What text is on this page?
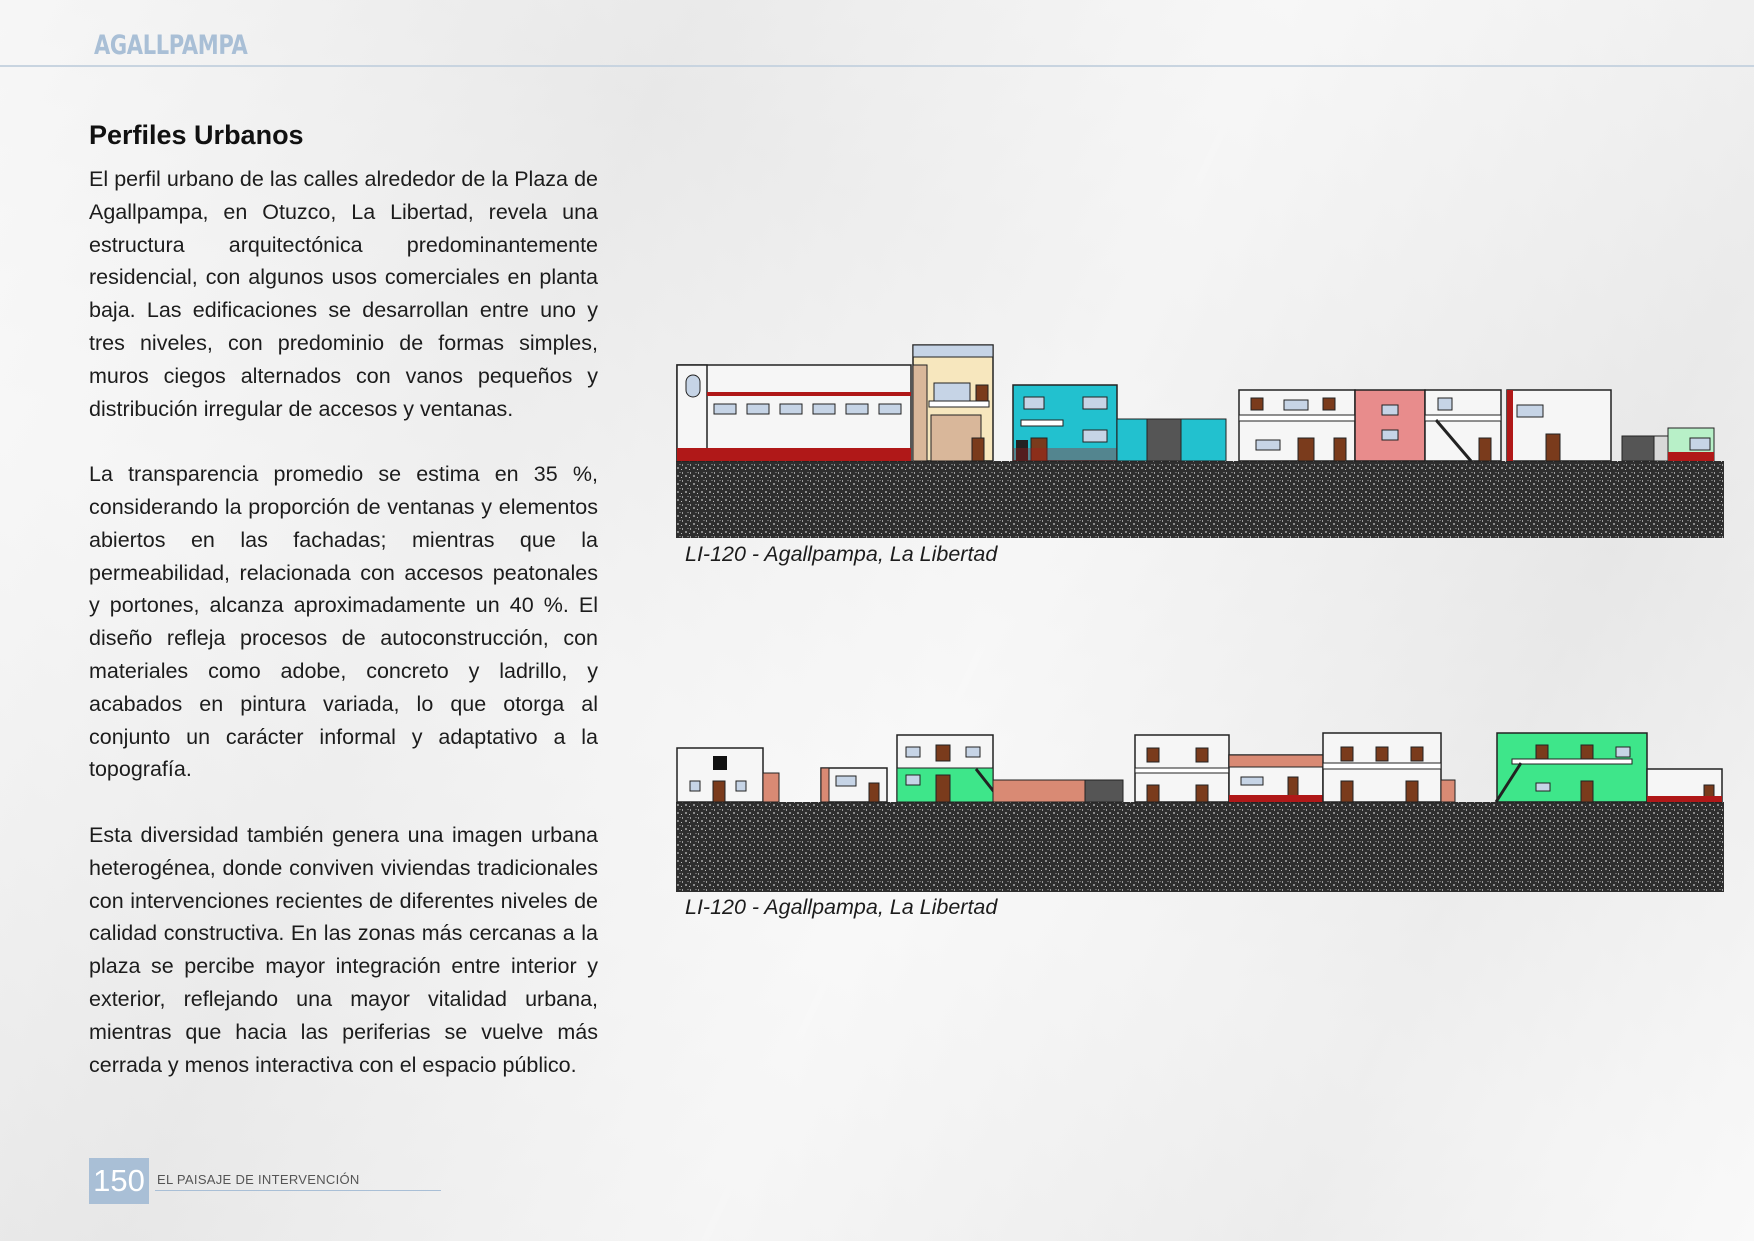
AGALLPAMPA
Perfiles Urbanos

El perfil urbano de las calles alrededor de la Plaza de Agallpampa, en Otuzco, La Libertad, revela una estructura arquitectónica predominantemente residencial, con algunos usos comerciales en planta baja. Las edificaciones se desarrollan entre uno y tres niveles, con predominio de formas simples, muros ciegos alternados con vanos pequeños y distribución irregular de accesos y ventanas.

La transparencia promedio se estima en 35 %, considerando la proporción de ventanas y elementos abiertos en las fachadas; mientras que la permeabilidad, relacionada con accesos peatonales y portones, alcanza aproximadamente un 40 %. El diseño refleja procesos de autoconstrucción, con materiales como adobe, concreto y ladrillo, y acabados en pintura variada, lo que otorga al conjunto un carácter informal y adaptativo a la topografía.

Esta diversidad también genera una imagen urbana heterogénea, donde conviven viviendas tradicionales con intervenciones recientes de diferentes niveles de calidad constructiva. En las zonas más cercanas a la plaza se percibe mayor integración entre interior y exterior, reflejando una mayor vitalidad urbana, mientras que hacia las periferias se vuelve más cerrada y menos interactiva con el espacio público.

LI-120 - Agallpampa, La Libertad
LI-120 - Agallpampa, La Libertad
150 EL PAISAJE DE INTERVENCIÓN
